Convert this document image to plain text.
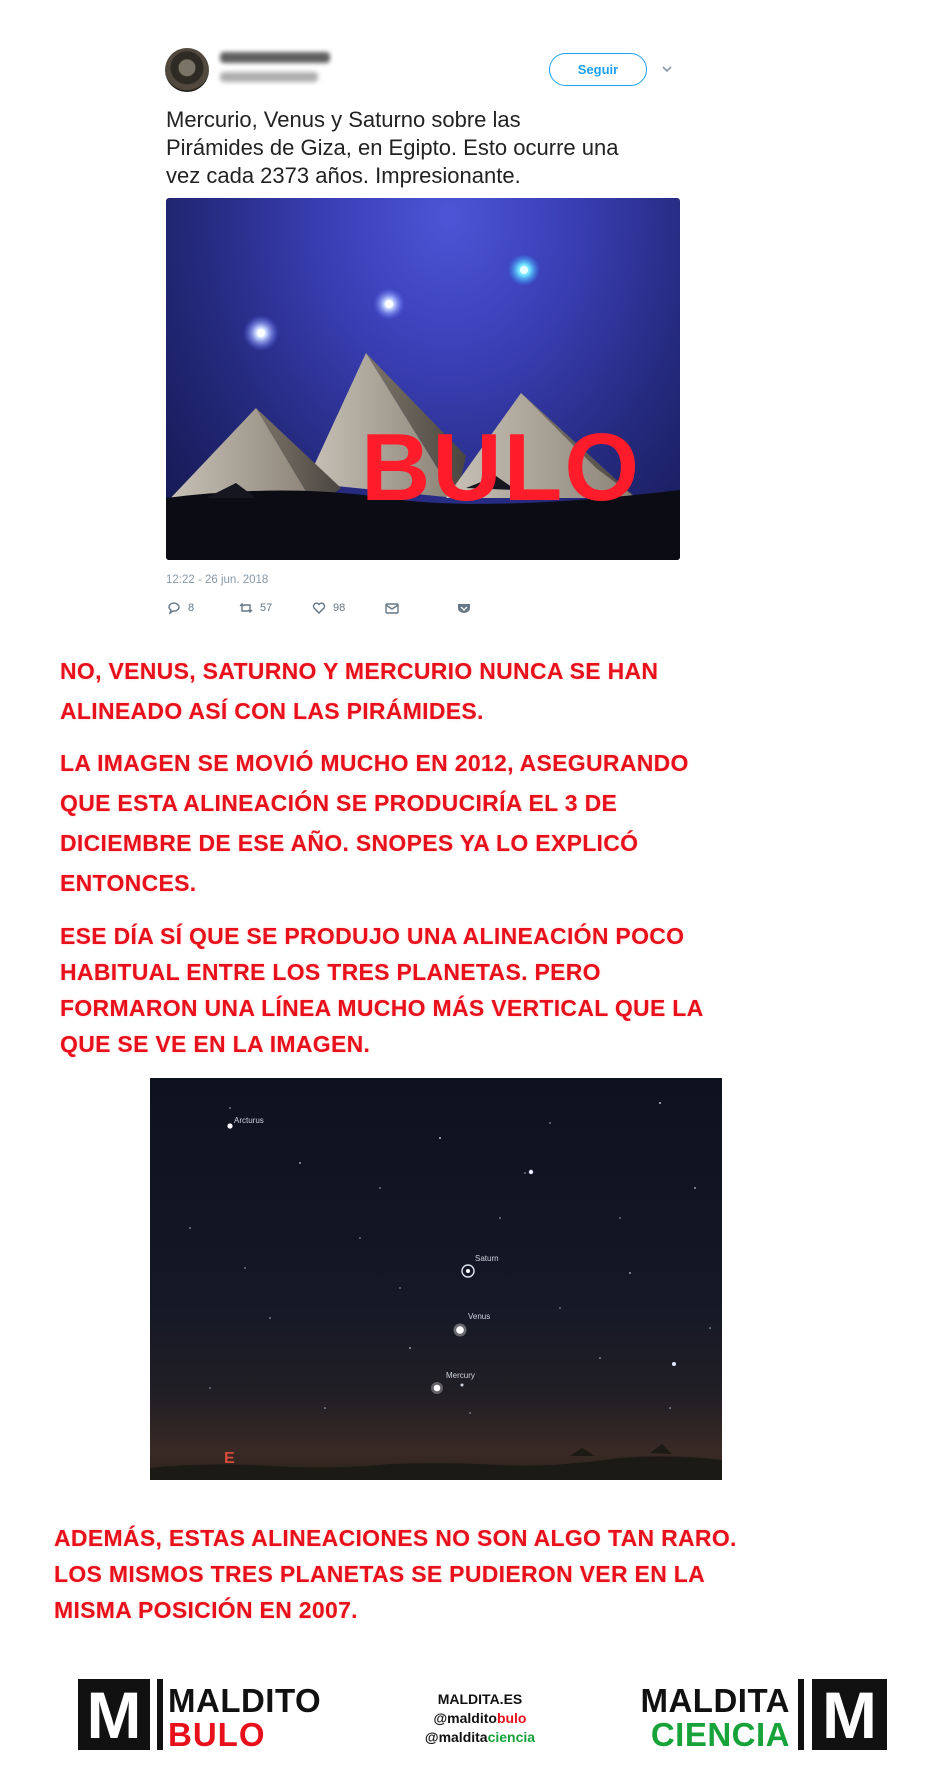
Seguir
Mercurio, Venus y Saturno sobre las
Pirámides de Giza, en Egipto. Esto ocurre una
vez cada 2373 años. Impresionante.
BULO
12:22 - 26 jun. 2018
8	57	98
NO, VENUS, SATURNO Y MERCURIO NUNCA SE HAN
ALINEADO ASÍ CON LAS PIRÁMIDES.
LA IMAGEN SE MOVIÓ MUCHO EN 2012, ASEGURANDO
QUE ESTA ALINEACIÓN SE PRODUCIRÍA EL 3 DE
DICIEMBRE DE ESE AÑO. SNOPES YA LO EXPLICÓ
ENTONCES.
ESE DÍA SÍ QUE SE PRODUJO UNA ALINEACIÓN POCO
HABITUAL ENTRE LOS TRES PLANETAS. PERO
FORMARON UNA LÍNEA MUCHO MÁS VERTICAL QUE LA
QUE SE VE EN LA IMAGEN.
Arcturus
Saturn
Venus
Mercury
E
ADEMÁS, ESTAS ALINEACIONES NO SON ALGO TAN RARO.
LOS MISMOS TRES PLANETAS SE PUDIERON VER EN LA
MISMA POSICIÓN EN 2007.
M MALDITO
BULO
MALDITA.ES
@malditobulo
@malditaciencia
MALDITA
CIENCIA M
